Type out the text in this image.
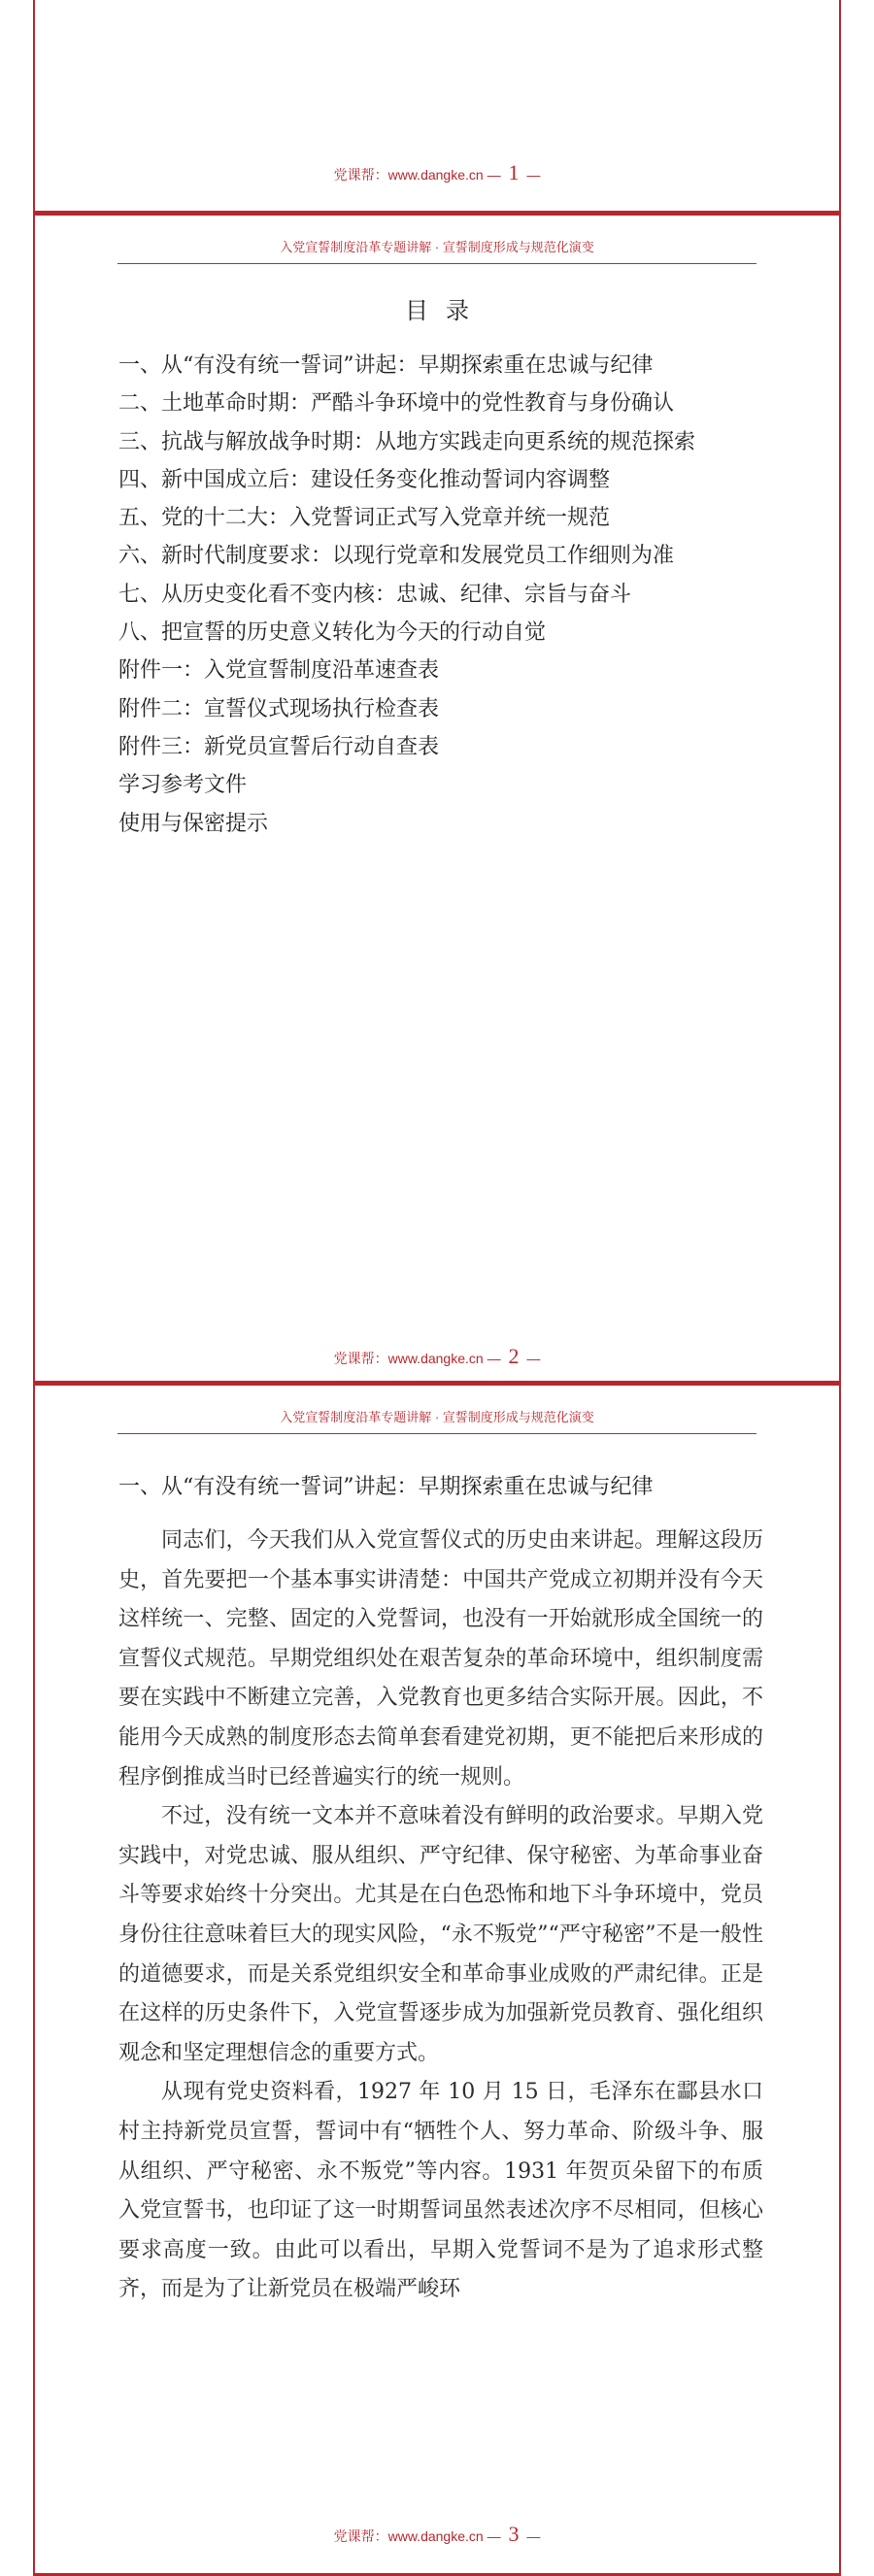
党课帮：www.dangke.cn — 1 —
入党宣誓制度沿革专题讲解 · 宣誓制度形成与规范化演变
目录
一、从“有没有统一誓词”讲起：早期探索重在忠诚与纪律
二、土地革命时期：严酷斗争环境中的党性教育与身份确认
三、抗战与解放战争时期：从地方实践走向更系统的规范探索
四、新中国成立后：建设任务变化推动誓词内容调整
五、党的十二大：入党誓词正式写入党章并统一规范
六、新时代制度要求：以现行党章和发展党员工作细则为准
七、从历史变化看不变内核：忠诚、纪律、宗旨与奋斗
八、把宣誓的历史意义转化为今天的行动自觉
附件一：入党宣誓制度沿革速查表
附件二：宣誓仪式现场执行检查表
附件三：新党员宣誓后行动自查表
学习参考文件
使用与保密提示
党课帮：www.dangke.cn — 2 —
入党宣誓制度沿革专题讲解 · 宣誓制度形成与规范化演变
一、从“有没有统一誓词”讲起：早期探索重在忠诚与纪律

同志们，今天我们从入党宣誓仪式的历史由来讲起。理解这段历史，首先要把一个基本事实讲清楚：中国共产党成立初期并没有今天这样统一、完整、固定的入党誓词，也没有一开始就形成全国统一的宣誓仪式规范。早期党组织处在艰苦复杂的革命环境中，组织制度需要在实践中不断建立完善，入党教育也更多结合实际开展。因此，不能用今天成熟的制度形态去简单套看建党初期，更不能把后来形成的程序倒推成当时已经普遍实行的统一规则。

不过，没有统一文本并不意味着没有鲜明的政治要求。早期入党实践中，对党忠诚、服从组织、严守纪律、保守秘密、为革命事业奋斗等要求始终十分突出。尤其是在白色恐怖和地下斗争环境中，党员身份往往意味着巨大的现实风险，“永不叛党”“严守秘密”不是一般性的道德要求，而是关系党组织安全和革命事业成败的严肃纪律。正是在这样的历史条件下，入党宣誓逐步成为加强新党员教育、强化组织观念和坚定理想信念的重要方式。

从现有党史资料看，1927 年 10 月 15 日，毛泽东在酃县水口村主持新党员宣誓，誓词中有“牺牲个人、努力革命、阶级斗争、服从组织、严守秘密、永不叛党”等内容。1931 年贺页朵留下的布质入党宣誓书，也印证了这一时期誓词虽然表述次序不尽相同，但核心要求高度一致。由此可以看出，早期入党誓词不是为了追求形式整齐，而是为了让新党员在极端严峻环

党课帮：www.dangke.cn — 3 —
